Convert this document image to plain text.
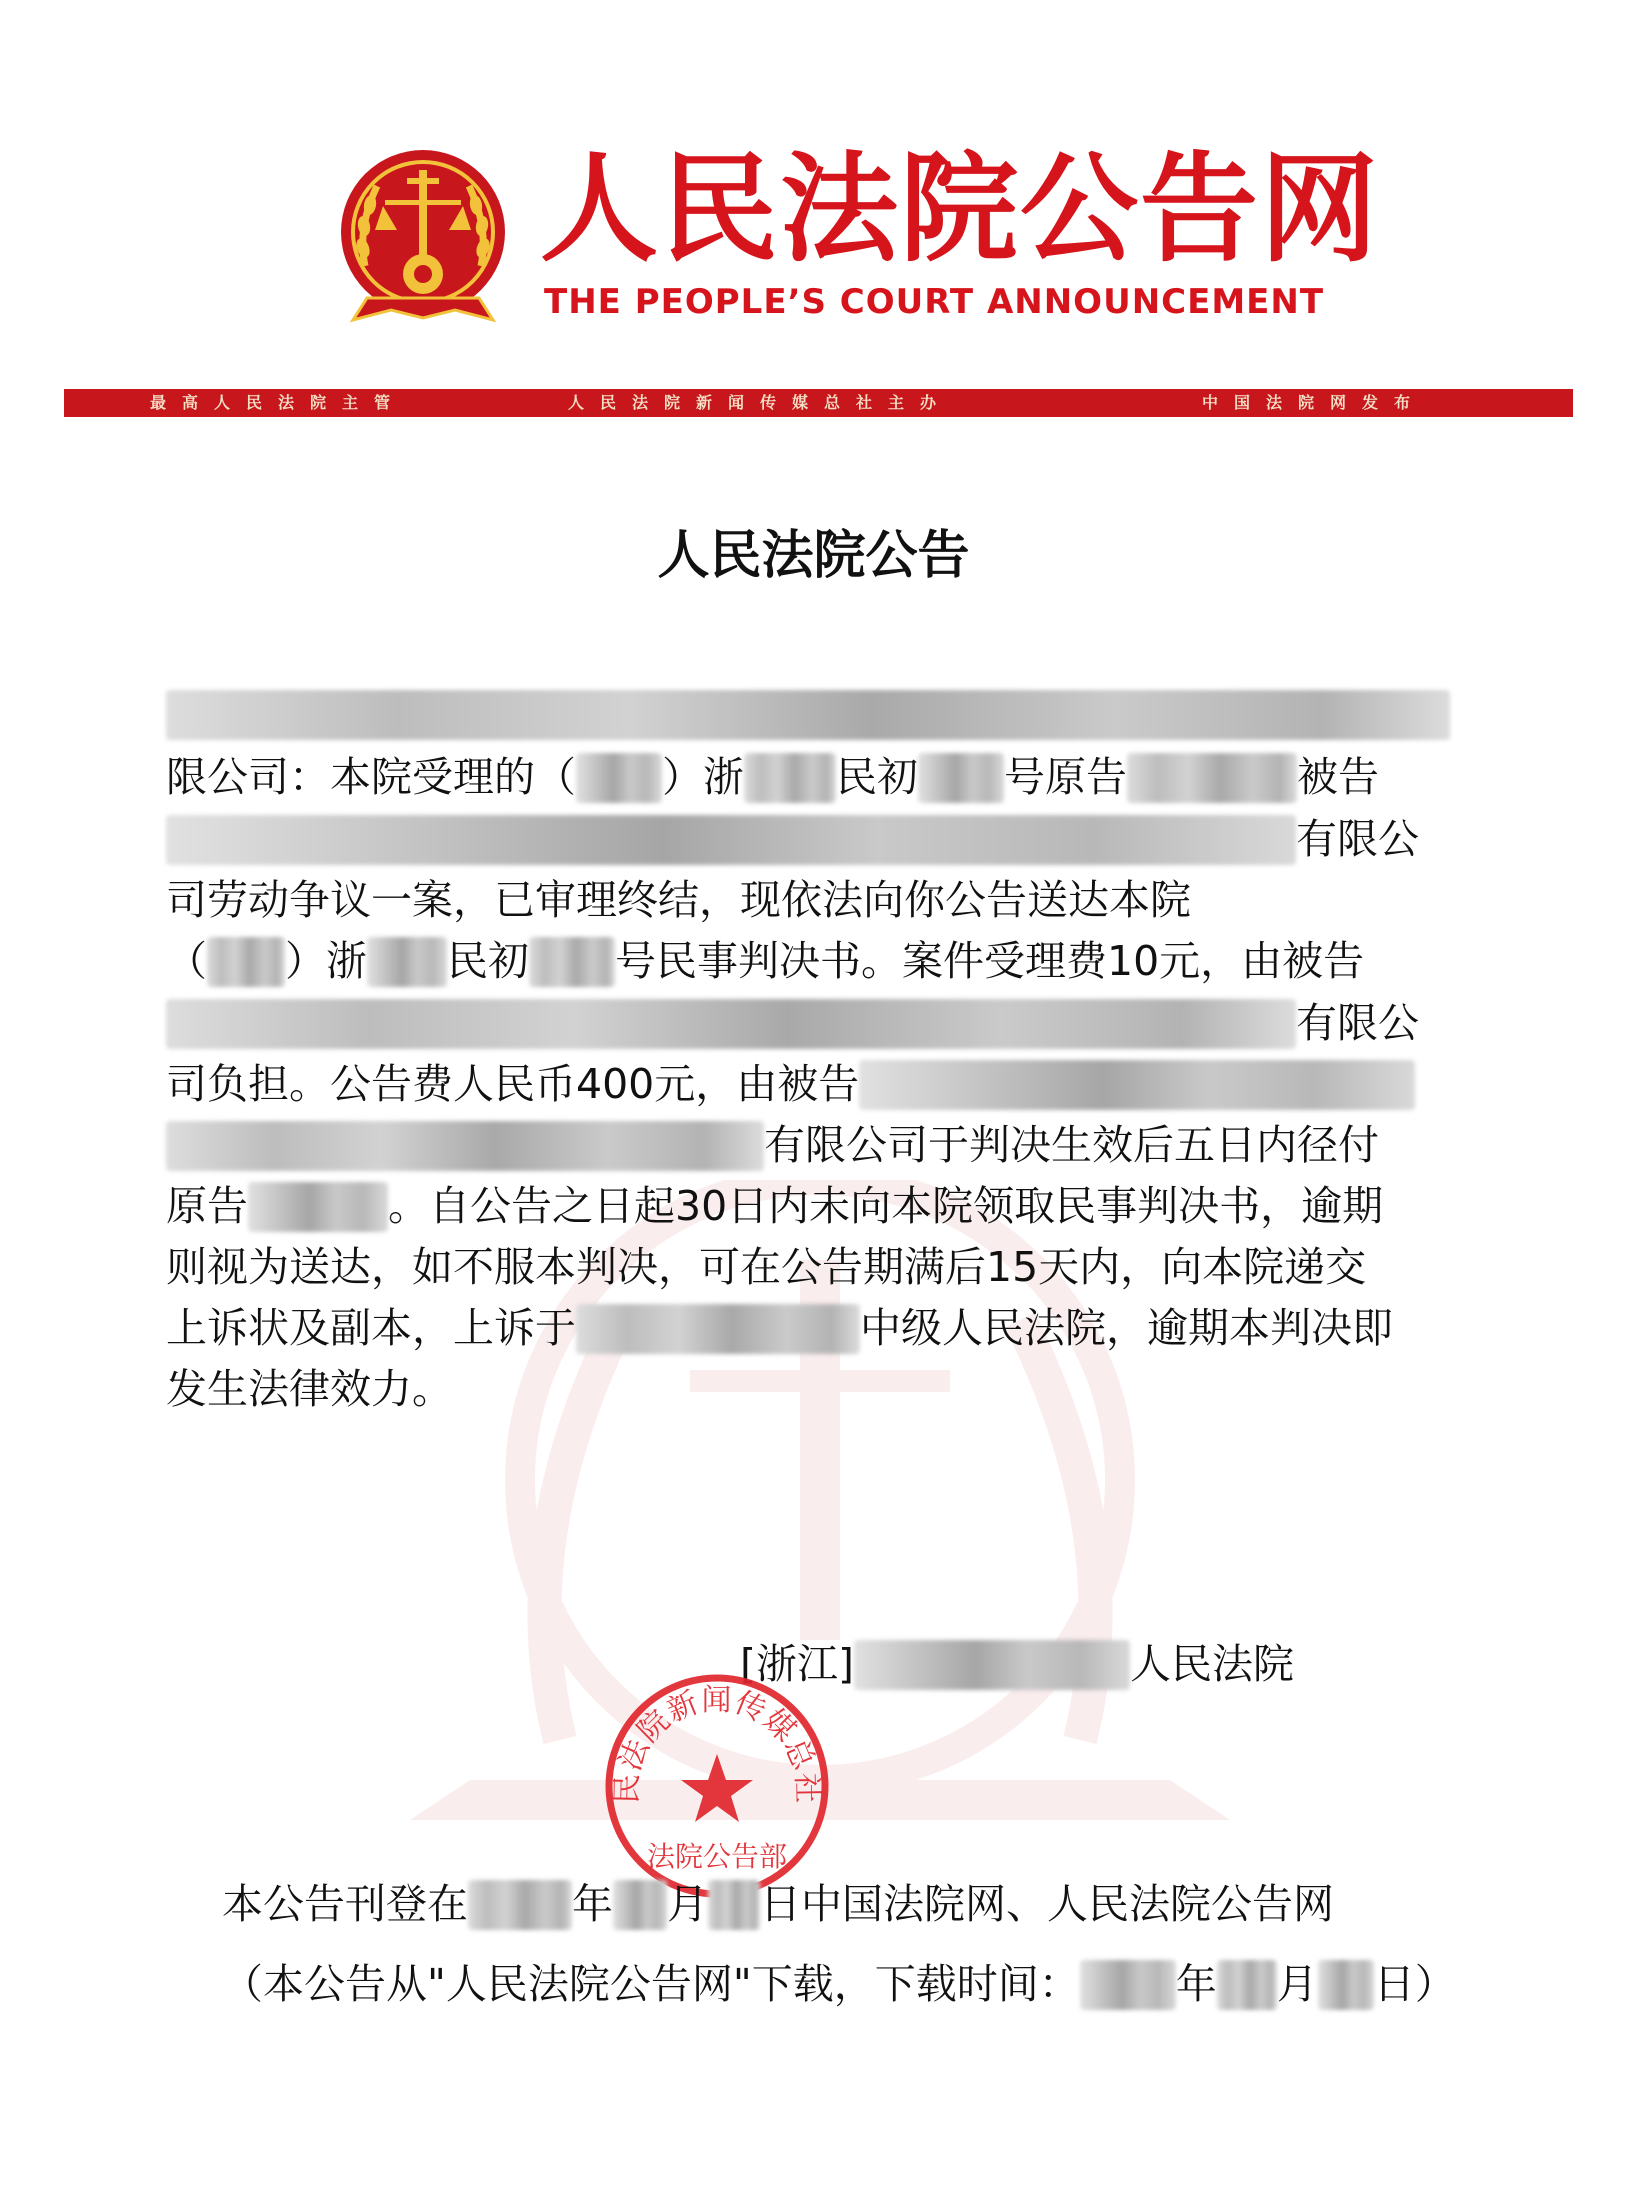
人民法院公告网
THE PEOPLE’S COURT ANNOUNCEMENT
最高人民法院主管	人民法院新闻传媒总社主办	中国法院网发布
人民法院公告
限公司：本院受理的（ ）浙 民初 号原告	被告
有限公
司劳动争议一案，已审理终结，现依法向你公告送达本院
（ ）浙 民初 号民事判决书。案件受理费10元，由被告
有限公
司负担。公告费人民币400元，由被告
有限公司于判决生效后五日内径付
原告	。自公告之日起30日内未向本院领取民事判决书，逾期
则视为送达，如不服本判决，可在公告期满后15天内，向本院递交
上诉状及副本，上诉于	中级人民法院，逾期本判决即
发生法律效力。
[浙江]	人民法院
民法院新闻传媒总社
法院公告部
本公告刊登在	年 月 日中国法院网、人民法院公告网
（本公告从"人民法院公告网"下载，下载时间： 年 月 日）
